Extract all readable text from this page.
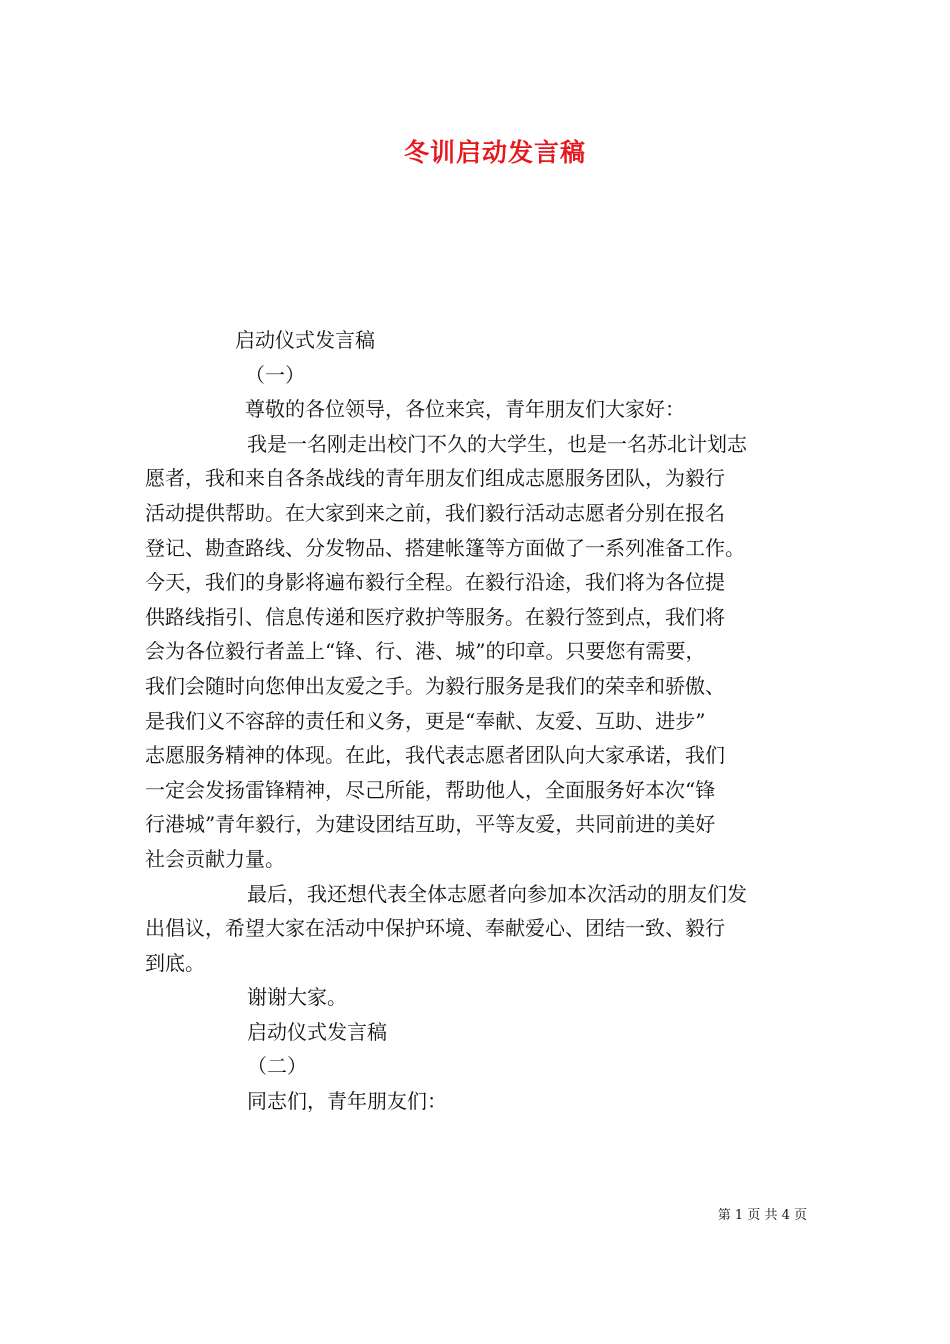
冬训启动发言稿
启动仪式发言稿
（一）
尊敬的各位领导，各位来宾，青年朋友们大家好：
我是一名刚走出校门不久的大学生，也是一名苏北计划志
愿者，我和来自各条战线的青年朋友们组成志愿服务团队，为毅行
活动提供帮助。在大家到来之前，我们毅行活动志愿者分别在报名
登记、勘查路线、分发物品、搭建帐篷等方面做了一系列准备工作。
今天，我们的身影将遍布毅行全程。在毅行沿途，我们将为各位提
供路线指引、信息传递和医疗救护等服务。在毅行签到点，我们将
会为各位毅行者盖上“锋、行、港、城”的印章。只要您有需要，
我们会随时向您伸出友爱之手。为毅行服务是我们的荣幸和骄傲、
是我们义不容辞的责任和义务，更是“奉献、友爱、互助、进步”
志愿服务精神的体现。在此，我代表志愿者团队向大家承诺，我们
一定会发扬雷锋精神，尽己所能，帮助他人，全面服务好本次“锋
行港城”青年毅行，为建设团结互助，平等友爱，共同前进的美好
社会贡献力量。
最后，我还想代表全体志愿者向参加本次活动的朋友们发
出倡议，希望大家在活动中保护环境、奉献爱心、团结一致、毅行
到底。
谢谢大家。
启动仪式发言稿
（二）
同志们，青年朋友们：
第 1 页 共 4 页
